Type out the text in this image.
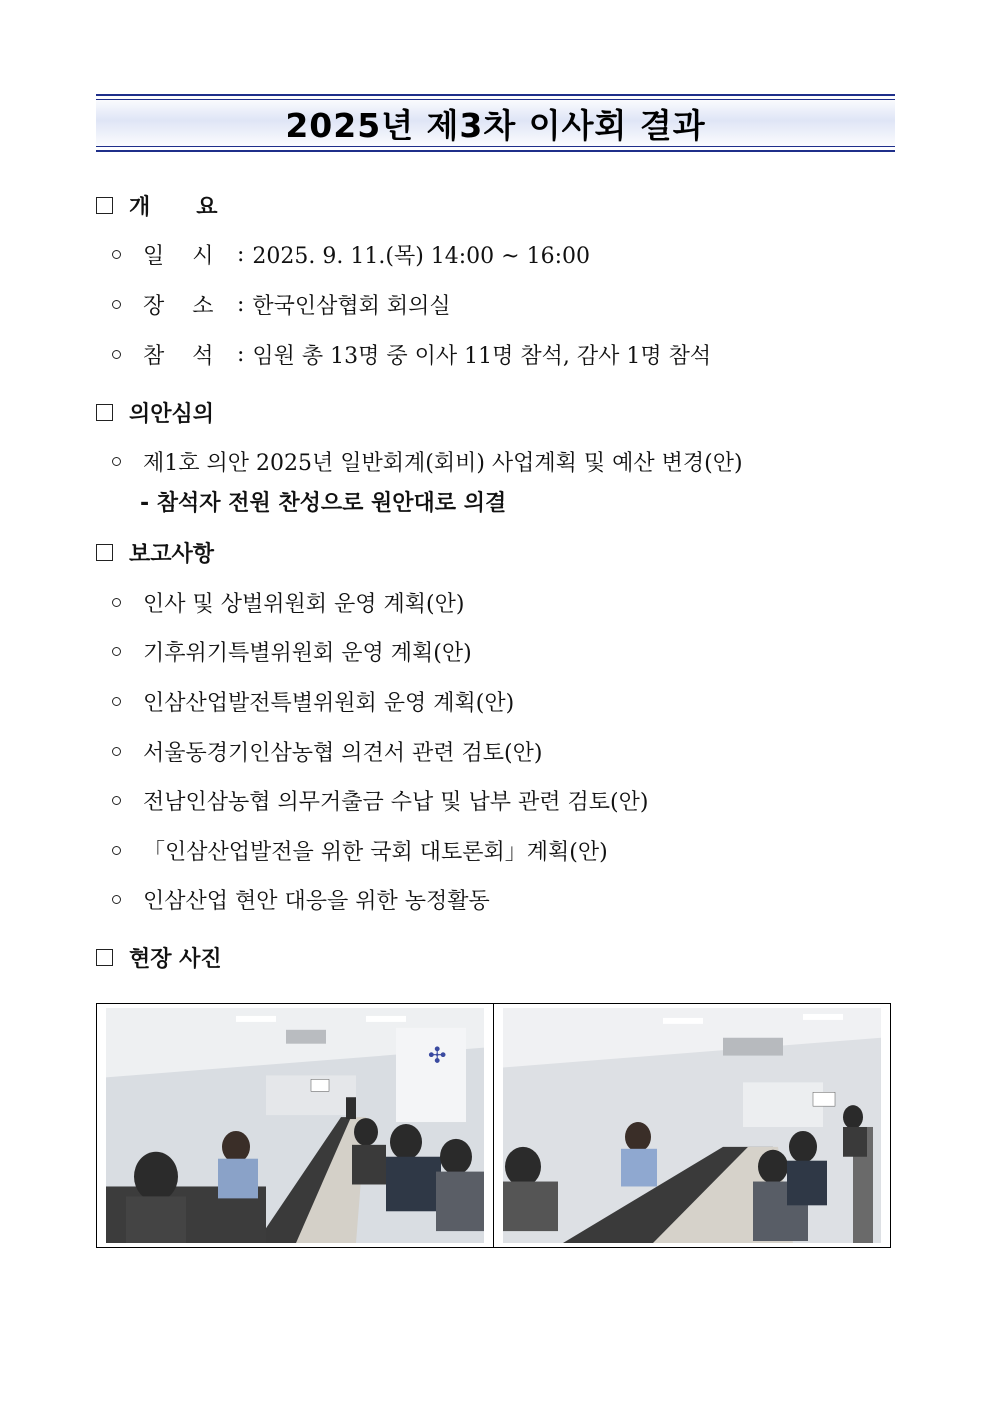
2025년 제3차 이사회 결과
개      요
일    시	: 2025. 9. 11.(목) 14:00 ~ 16:00
장    소	: 한국인삼협회 회의실
참    석	: 임원 총 13명 중 이사 11명 참석, 감사 1명 참석
의안심의
제1호 의안 2025년 일반회계(회비) 사업계획 및 예산 변경(안)
- 참석자 전원 찬성으로 원안대로 의결
보고사항
인사 및 상벌위원회 운영 계획(안)
기후위기특별위원회 운영 계획(안)
인삼산업발전특별위원회 운영 계획(안)
서울동경기인삼농협 의견서 관련 검토(안)
전남인삼농협 의무거출금 수납 및 납부 관련 검토(안)
「인삼산업발전을 위한 국회 대토론회」계획(안)
인삼산업 현안 대응을 위한 농정활동
현장 사진
✣
